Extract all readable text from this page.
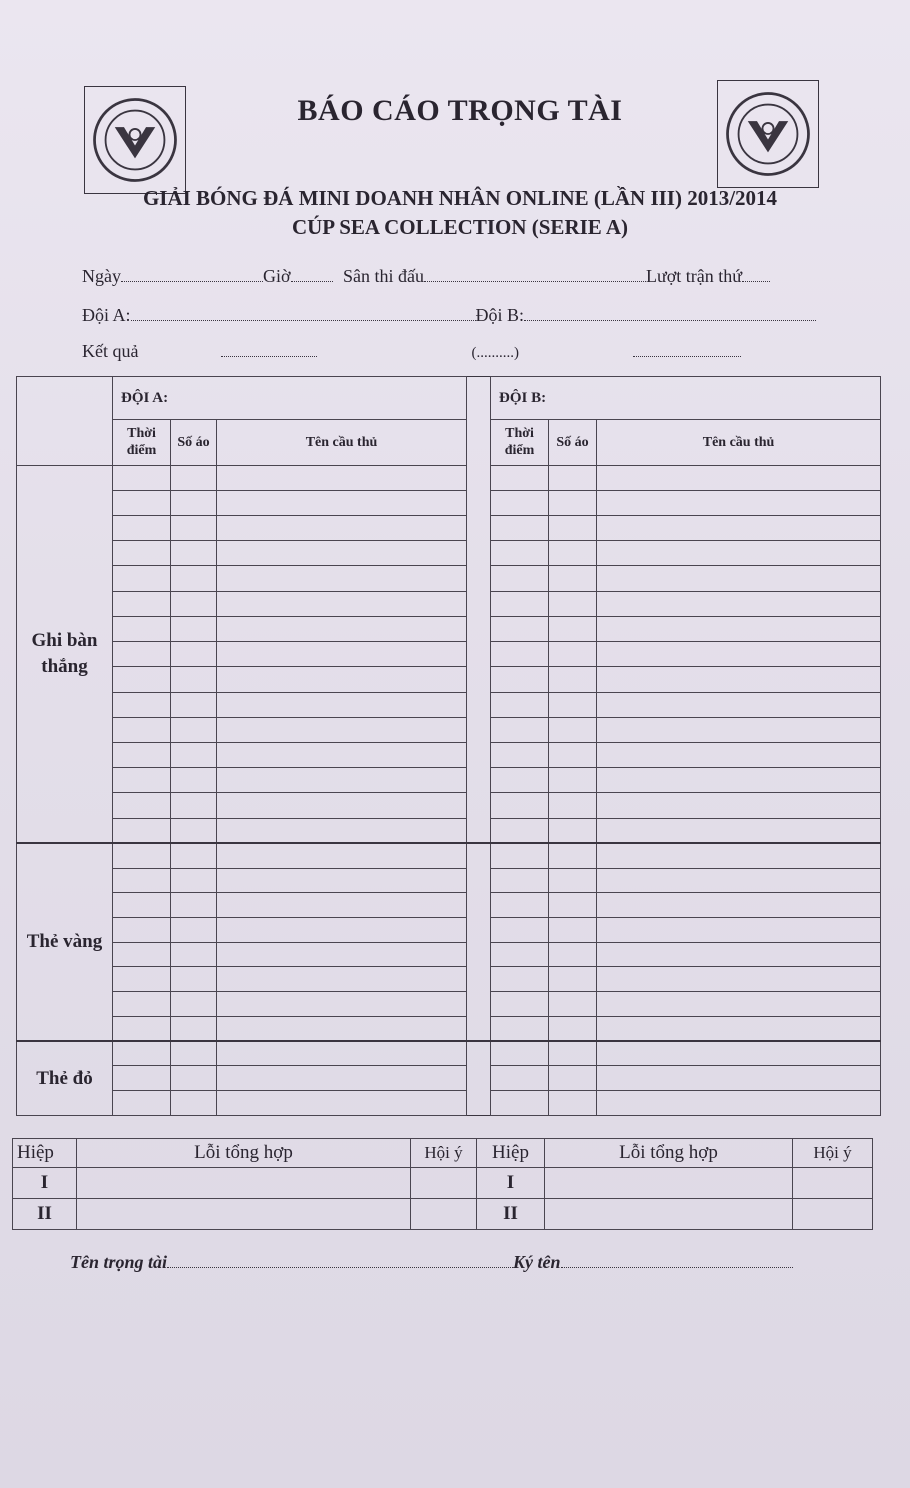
BÁO CÁO TRỌNG TÀI
GIẢI BÓNG ĐÁ MINI DOANH NHÂN ONLINE (LẦN III) 2013/2014
CÚP SEA COLLECTION (SERIE A)
Ngày	Giờ	Sân thi đấu	Lượt trận thứ
Đội A:	Đội B:
Kết quả	(..........)
	ĐỘI A:				ĐỘI B:		
	Thời điểm	Số áo	Tên cầu thủ		Thời điểm	Số áo	Tên cầu thủ
Ghi bàn thắng							

Thẻ vàng							

Thẻ đỏ							

Hiệp	Lỗi tổng hợp	Hội ý	Hiệp	Lỗi tổng hợp	Hội ý
I			I		
II			II		
Tên trọng tài	Ký tên
